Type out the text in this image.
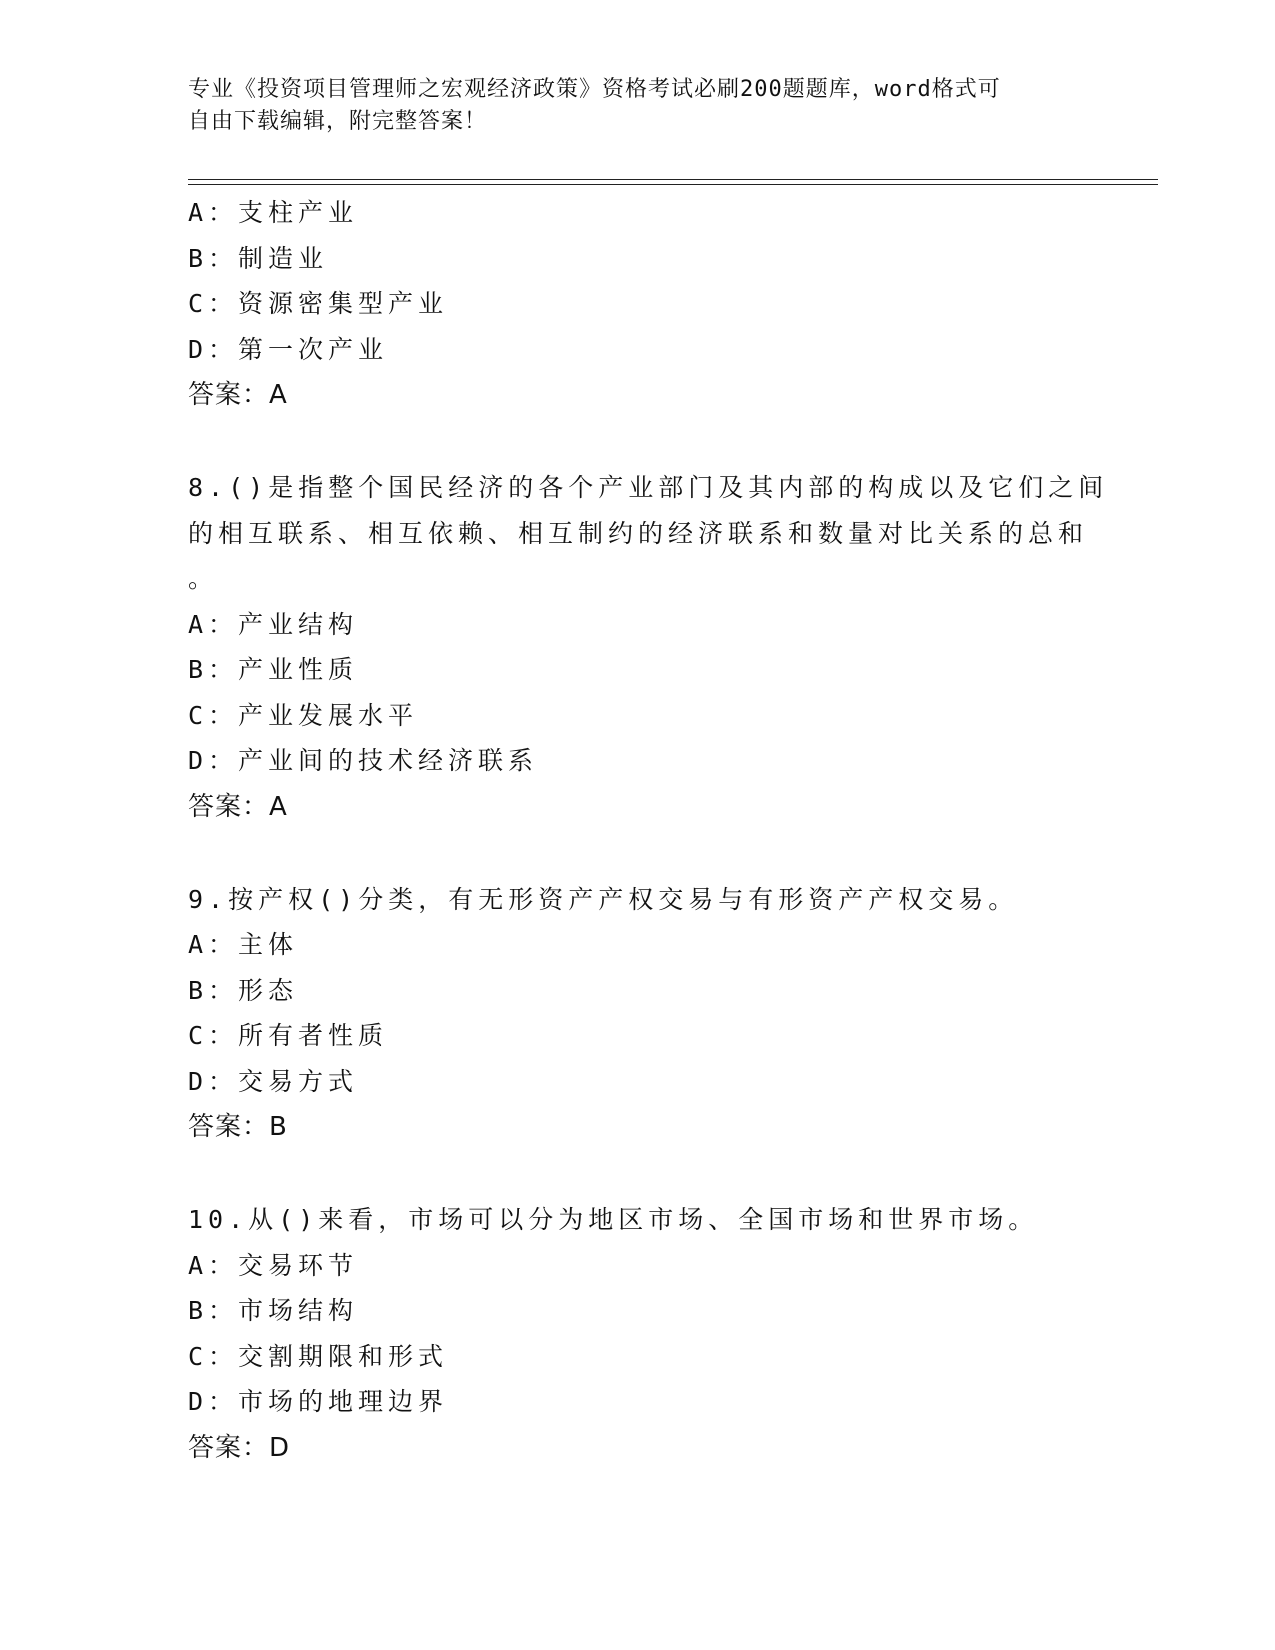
专业《投资项目管理师之宏观经济政策》资格考试必刷200题题库，word格式可
自由下载编辑，附完整答案！
A：支柱产业
B：制造业
C：资源密集型产业
D：第一次产业
答案：A
8.()是指整个国民经济的各个产业部门及其内部的构成以及它们之间
的相互联系、相互依赖、相互制约的经济联系和数量对比关系的总和
。
A：产业结构
B：产业性质
C：产业发展水平
D：产业间的技术经济联系
答案：A
9.按产权()分类，有无形资产产权交易与有形资产产权交易。
A：主体
B：形态
C：所有者性质
D：交易方式
答案：B
10.从()来看，市场可以分为地区市场、全国市场和世界市场。
A：交易环节
B：市场结构
C：交割期限和形式
D：市场的地理边界
答案：D
